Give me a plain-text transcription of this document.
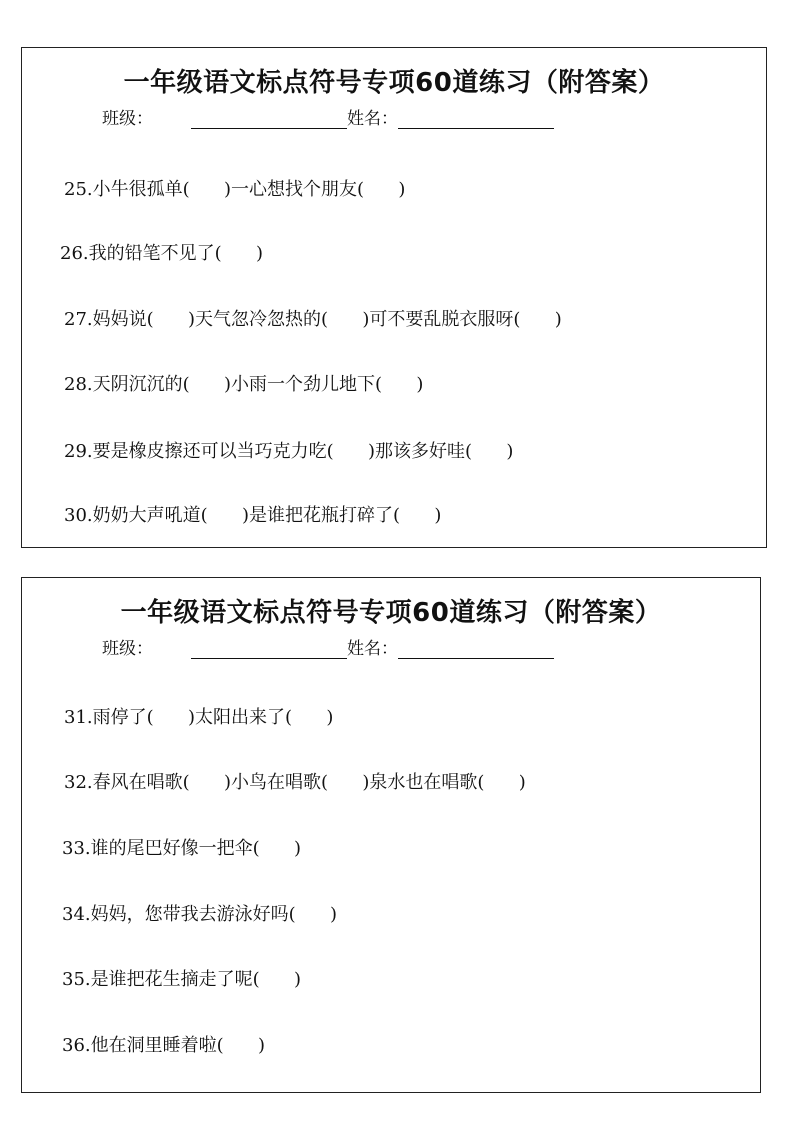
一年级语文标点符号专项60道练习（附答案）
班级：	姓名：
25.小牛很孤单(      )一心想找个朋友(      )
26.我的铅笔不见了(      )
27.妈妈说(      )天气忽冷忽热的(      )可不要乱脱衣服呀(      )
28.天阴沉沉的(      )小雨一个劲儿地下(      )
29.要是橡皮擦还可以当巧克力吃(      )那该多好哇(      )
30.奶奶大声吼道(      )是谁把花瓶打碎了(      )
一年级语文标点符号专项60道练习（附答案）
班级：	姓名：
31.雨停了(      )太阳出来了(      )
32.春风在唱歌(      )小鸟在唱歌(      )泉水也在唱歌(      )
33.谁的尾巴好像一把伞(      )
34.妈妈，您带我去游泳好吗(      )
35.是谁把花生摘走了呢(      )
36.他在洞里睡着啦(      )
